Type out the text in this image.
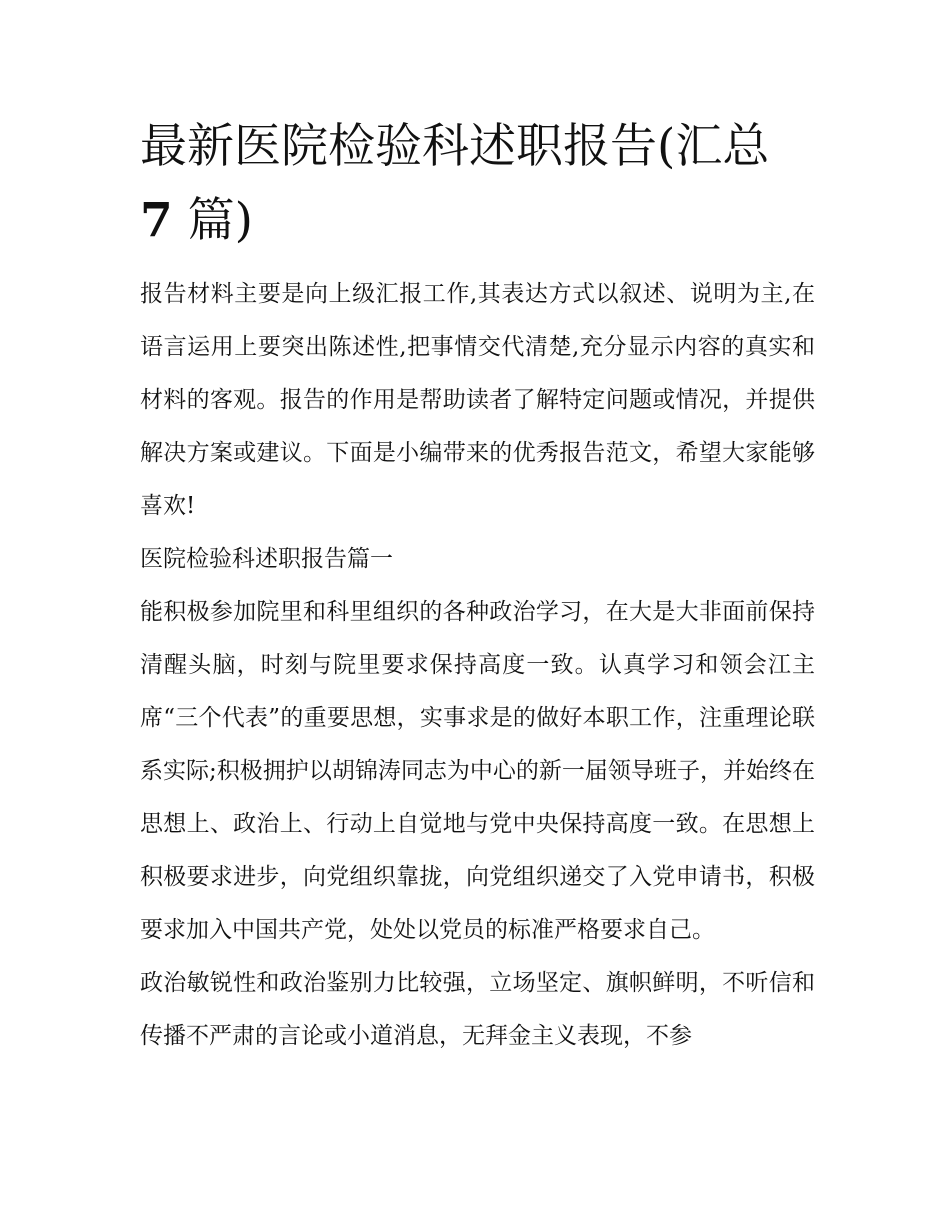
最新医院检验科述职报告(汇总
7 篇)

报告材料主要是向上级汇报工作,其表达方式以叙述、说明为主,在语言运用上要突出陈述性,把事情交代清楚,充分显示内容的真实和材料的客观。报告的作用是帮助读者了解特定问题或情况，并提供解决方案或建议。下面是小编带来的优秀报告范文，希望大家能够喜欢!

医院检验科述职报告篇一

能积极参加院里和科里组织的各种政治学习，在大是大非面前保持清醒头脑，时刻与院里要求保持高度一致。认真学习和领会江主席“三个代表”的重要思想，实事求是的做好本职工作，注重理论联系实际;积极拥护以胡锦涛同志为中心的新一届领导班子，并始终在思想上、政治上、行动上自觉地与党中央保持高度一致。在思想上积极要求进步，向党组织靠拢，向党组织递交了入党申请书，积极要求加入中国共产党，处处以党员的标准严格要求自己。

政治敏锐性和政治鉴别力比较强，立场坚定、旗帜鲜明，不听信和传播不严肃的言论或小道消息，无拜金主义表现，不参
